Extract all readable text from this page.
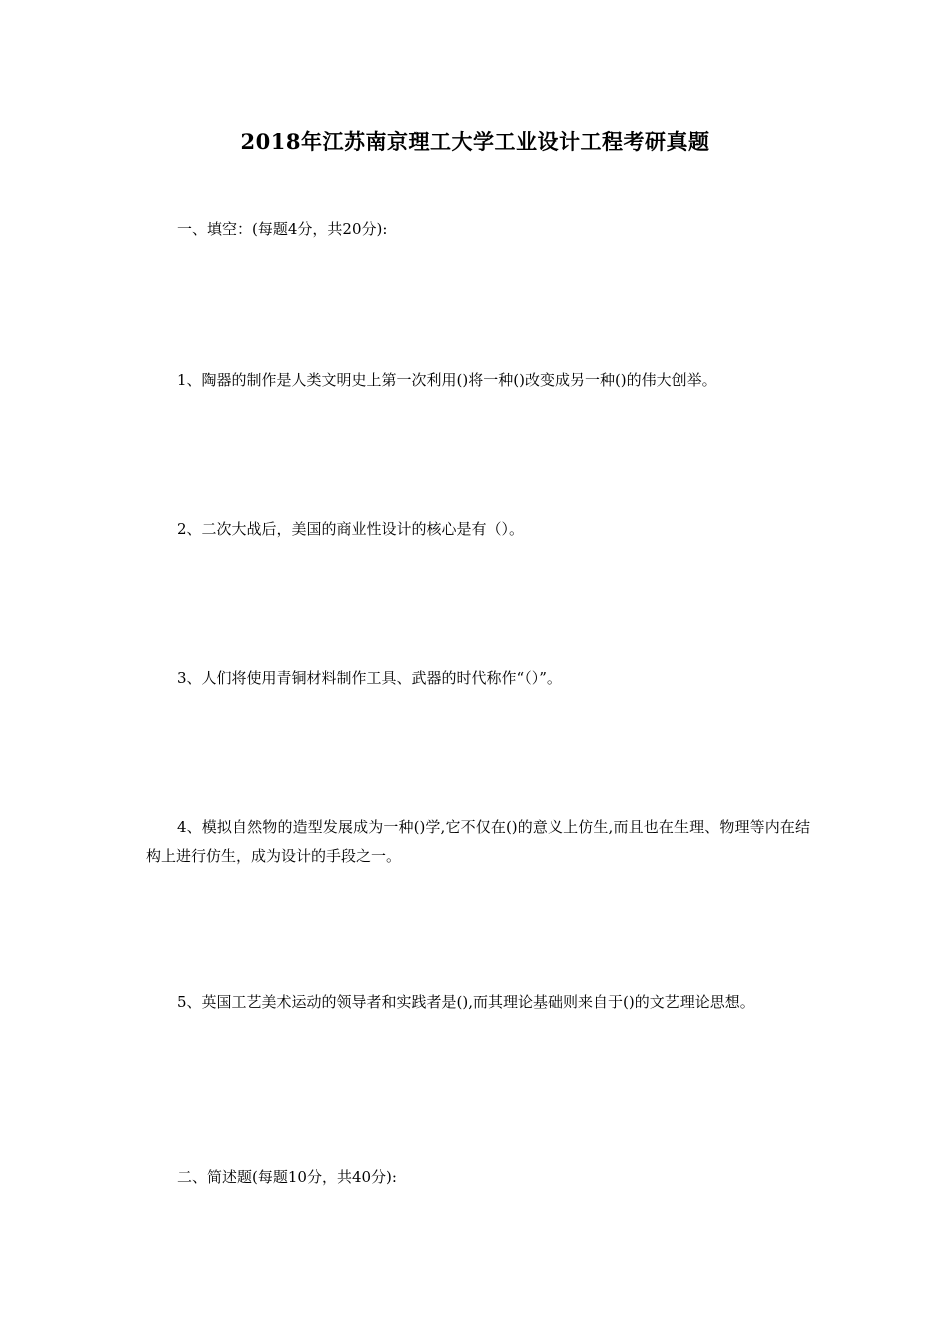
2018年江苏南京理工大学工业设计工程考研真题
一、填空：(每题4分，共20分):
1、陶器的制作是人类文明史上第一次利用()将一种()改变成另一种()的伟大创举。
2、二次大战后，美国的商业性设计的核心是有（）。
3、人们将使用青铜材料制作工具、武器的时代称作“（）”。
4、模拟自然物的造型发展成为一种()学,它不仅在()的意义上仿生,而且也在生理、物理等内在结构上进行仿生，成为设计的手段之一。
5、英国工艺美术运动的领导者和实践者是(),而其理论基础则来自于()的文艺理论思想。
二、简述题(每题10分，共40分):
